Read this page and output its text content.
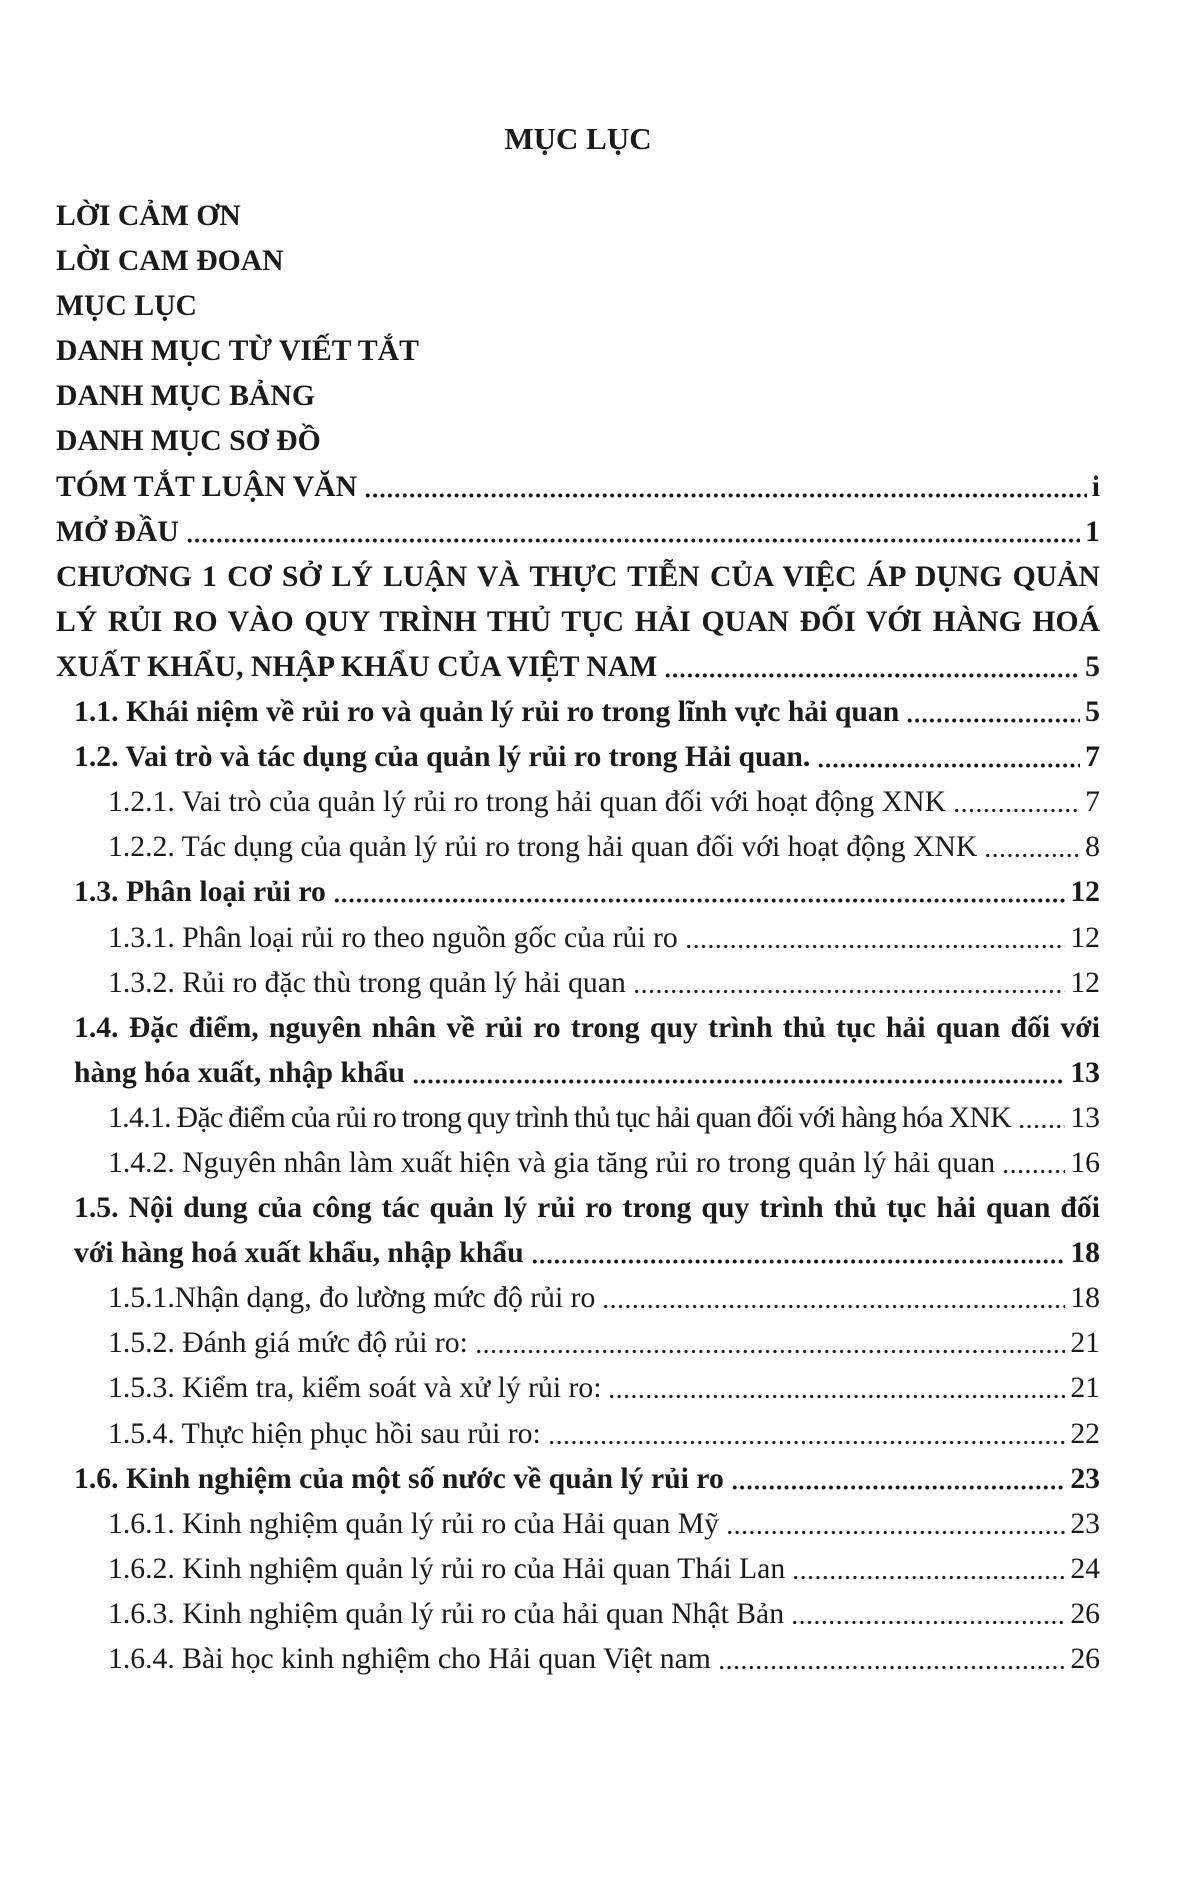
MỤC LỤC
LỜI CẢM ƠN
LỜI CAM ĐOAN
MỤC LỤC
DANH MỤC TỪ VIẾT TẮT
DANH MỤC BẢNG
DANH MỤC SƠ ĐỒ
TÓM TẮT LUẬN VĂN	i
MỞ ĐẦU	1
CHƯƠNG 1 CƠ SỞ LÝ LUẬN VÀ THỰC TIỄN CỦA VIỆC ÁP DỤNG QUẢN
LÝ RỦI RO VÀO QUY TRÌNH THỦ TỤC HẢI QUAN ĐỐI VỚI HÀNG HOÁ
XUẤT KHẨU, NHẬP KHẨU CỦA VIỆT NAM	5
1.1. Khái niệm về rủi ro và quản lý rủi ro trong lĩnh vực hải quan	5
1.2. Vai trò và tác dụng của quản lý rủi ro trong Hải quan.	7
1.2.1. Vai trò của quản lý rủi ro trong hải quan đối với hoạt động XNK	7
1.2.2. Tác dụng của quản lý rủi ro trong hải quan đối với hoạt động XNK	8
1.3. Phân loại rủi ro	12
1.3.1. Phân loại rủi ro theo nguồn gốc của rủi ro	12
1.3.2. Rủi ro đặc thù trong quản lý hải quan	12
1.4. Đặc điểm, nguyên nhân về rủi ro trong quy trình thủ tục hải quan đối với
hàng hóa xuất, nhập khẩu	13
1.4.1. Đặc điểm của rủi ro trong quy trình thủ tục hải quan đối với hàng hóa XNK 13
1.4.2. Nguyên nhân làm xuất hiện và gia tăng rủi ro trong quản lý hải quan	16
1.5. Nội dung của công tác quản lý rủi ro trong quy trình thủ tục hải quan đối
với hàng hoá xuất khẩu, nhập khẩu	18
1.5.1.Nhận dạng, đo lường mức độ rủi ro	18
1.5.2. Đánh giá mức độ rủi ro:	21
1.5.3. Kiểm tra, kiểm soát và xử lý rủi ro:	21
1.5.4. Thực hiện phục hồi sau rủi ro:	22
1.6. Kinh nghiệm của một số nước về quản lý rủi ro	23
1.6.1. Kinh nghiệm quản lý rủi ro của Hải quan Mỹ	23
1.6.2. Kinh nghiệm quản lý rủi ro của Hải quan Thái Lan	24
1.6.3. Kinh nghiệm quản lý rủi ro của hải quan Nhật Bản	26
1.6.4. Bài học kinh nghiệm cho Hải quan Việt nam	26
